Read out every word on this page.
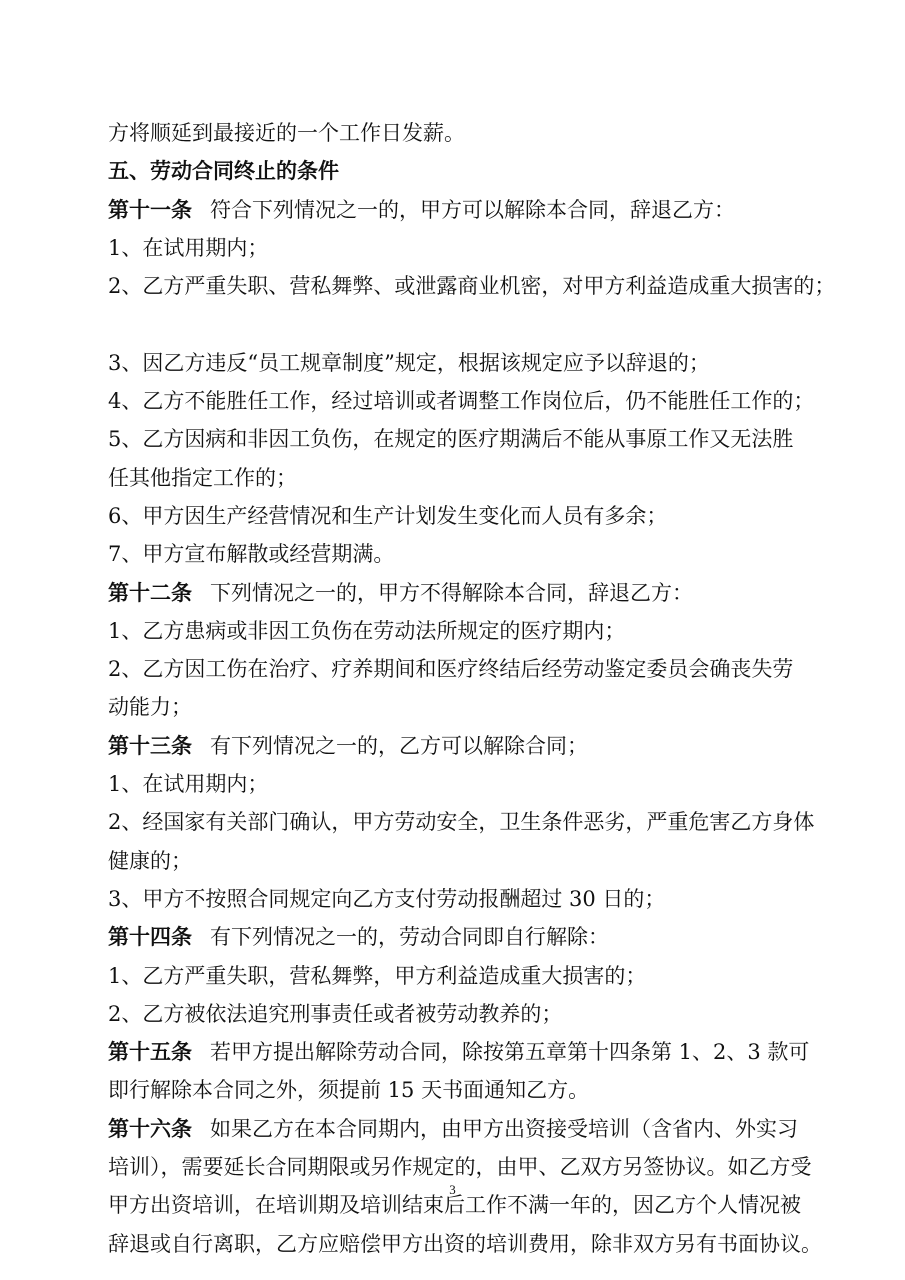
方将顺延到最接近的一个工作日发薪。
五、劳动合同终止的条件
第十一条 符合下列情况之一的，甲方可以解除本合同，辞退乙方：
1、在试用期内；
2、乙方严重失职、营私舞弊、或泄露商业机密，对甲方利益造成重大损害的；
3、因乙方违反“员工规章制度”规定，根据该规定应予以辞退的；
4、乙方不能胜任工作，经过培训或者调整工作岗位后，仍不能胜任工作的；
5、乙方因病和非因工负伤，在规定的医疗期满后不能从事原工作又无法胜
任其他指定工作的；
6、甲方因生产经营情况和生产计划发生变化而人员有多余；
7、甲方宣布解散或经营期满。
第十二条 下列情况之一的，甲方不得解除本合同，辞退乙方：
1、乙方患病或非因工负伤在劳动法所规定的医疗期内；
2、乙方因工伤在治疗、疗养期间和医疗终结后经劳动鉴定委员会确丧失劳
动能力；
第十三条 有下列情况之一的，乙方可以解除合同；
1、在试用期内；
2、经国家有关部门确认，甲方劳动安全，卫生条件恶劣，严重危害乙方身体
健康的；
3、甲方不按照合同规定向乙方支付劳动报酬超过 30 日的；
第十四条 有下列情况之一的，劳动合同即自行解除：
1、乙方严重失职，营私舞弊，甲方利益造成重大损害的；
2、乙方被依法追究刑事责任或者被劳动教养的；
第十五条 若甲方提出解除劳动合同，除按第五章第十四条第 1、2、3 款可
即行解除本合同之外，须提前 15 天书面通知乙方。
第十六条 如果乙方在本合同期内，由甲方出资接受培训（含省内、外实习
培训），需要延长合同期限或另作规定的，由甲、乙双方另签协议。如乙方受
甲方出资培训，在培训期及培训结束后工作不满一年的，因乙方个人情况被
辞退或自行离职，乙方应赔偿甲方出资的培训费用，除非双方另有书面协议。
3
